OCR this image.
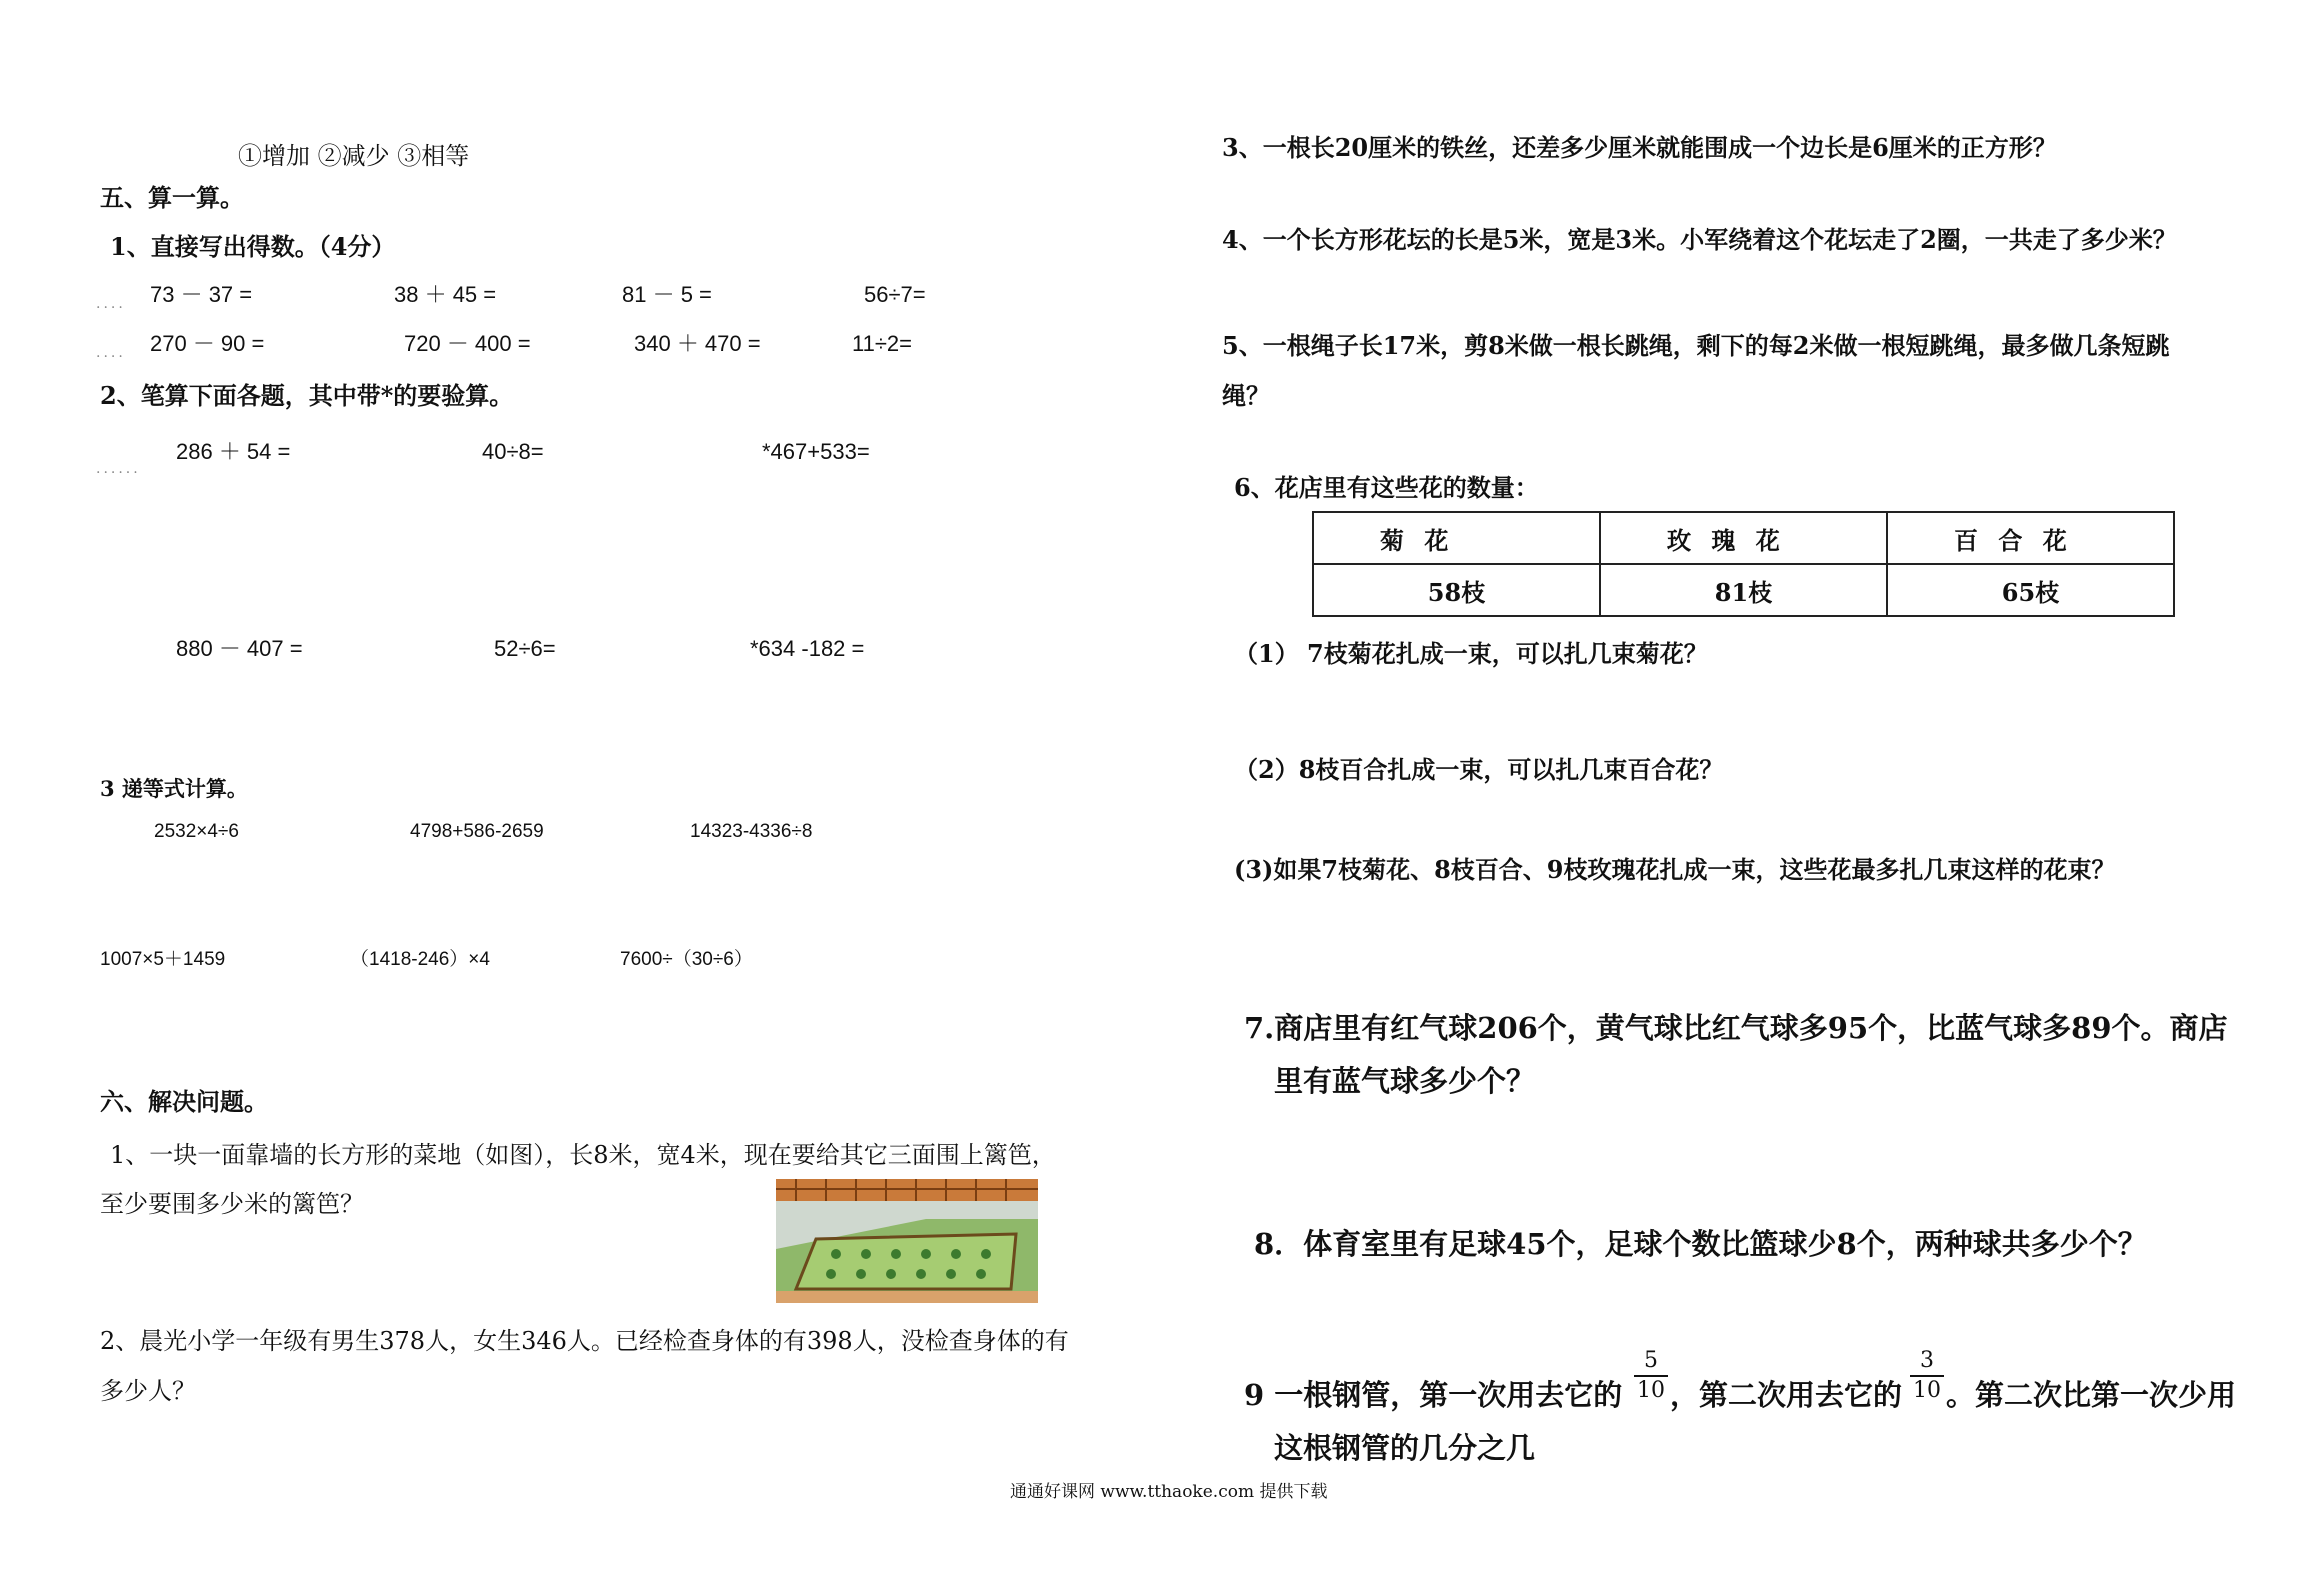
①增加 ②减少 ③相等
五、算一算。
1、直接写出得数。（4分）
.... 73 － 37 =	38 ＋ 45 =	81 － 5 =	56÷7=
.... 270 － 90 =	720 － 400 =	340 ＋ 470 =	11÷2=
2、笔算下面各题，其中带*的要验算。
......
286 ＋ 54 =	40÷8=	*467+533=
880 － 407 =	52÷6=	*634 -182 =
3 递等式计算。
2532×4÷6	4798+586-2659	14323-4336÷8
1007×5＋1459	（1418-246）×4	7600÷（30÷6）
六、解决问题。
1、一块一面靠墙的长方形的菜地（如图），长8米，宽4米，现在要给其它三面围上篱笆，
至少要围多少米的篱笆？
2、晨光小学一年级有男生378人，女生346人。已经检查身体的有398人，没检查身体的有
多少人？
3、一根长20厘米的铁丝，还差多少厘米就能围成一个边长是6厘米的正方形？
4、一个长方形花坛的长是5米，宽是3米。小军绕着这个花坛走了2圈，一共走了多少米？
5、一根绳子长17米，剪8米做一根长跳绳，剩下的每2米做一根短跳绳，最多做几条短跳
绳？
6、花店里有这些花的数量：
菊 花	玫 瑰 花	百 合 花
58枝	81枝	65枝
（1） 7枝菊花扎成一束，可以扎几束菊花？
（2）8枝百合扎成一束，可以扎几束百合花？
(3)如果7枝菊花、8枝百合、9枝玫瑰花扎成一束，这些花最多扎几束这样的花束？
7.商店里有红气球206个，黄气球比红气球多95个，比蓝气球多89个。商店
里有蓝气球多少个？
8．体育室里有足球45个，足球个数比篮球少8个，两种球共多少个？
9 一根钢管，第一次用去它的
5
10 ，第二次用去它的
3
10 。第二次比第一次少用
这根钢管的几分之几
通通好课网 www.tthaoke.com 提供下载
